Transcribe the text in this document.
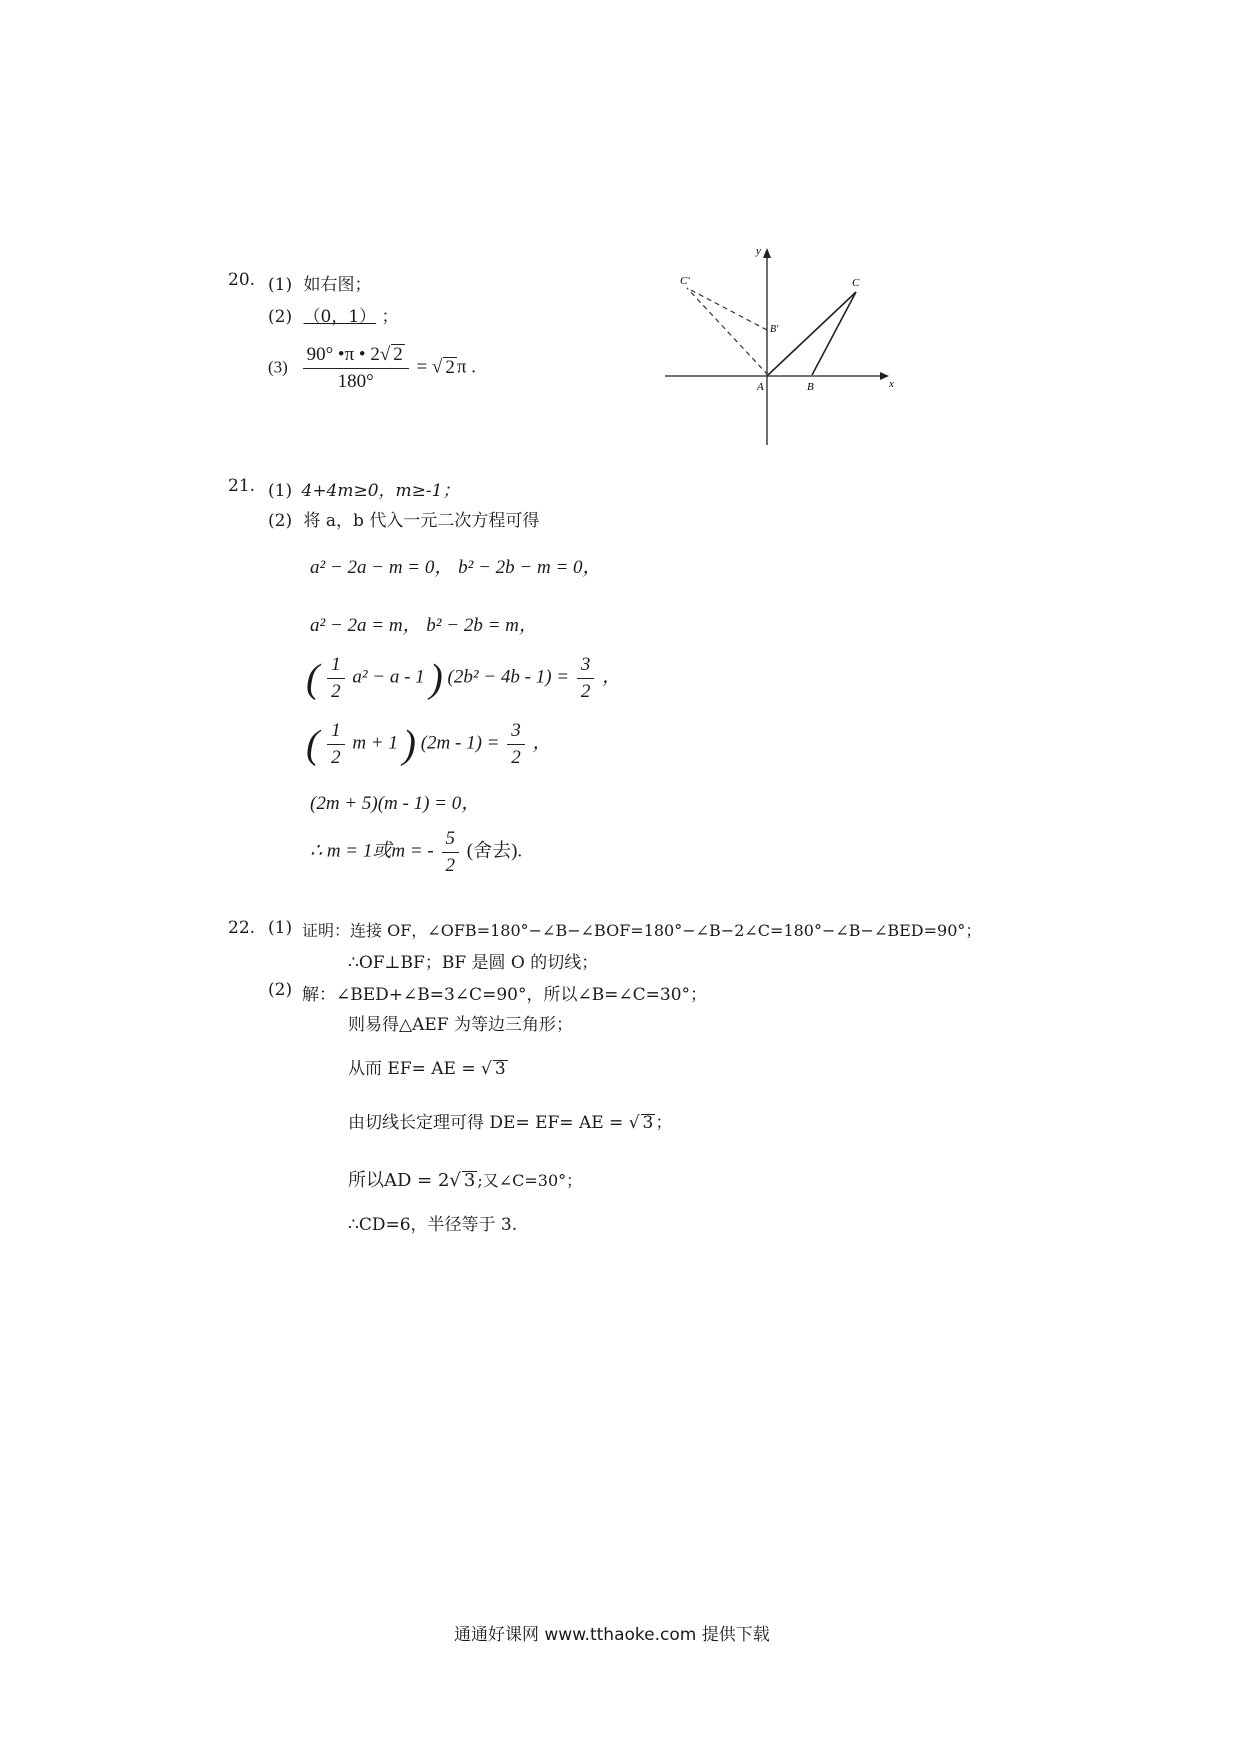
20. (1) 如右图；
(2) （0，1） ；
$(3) \frac{90^\circ •\pi • 2√ 2}{180^\circ}$ = √ 2 π .
x
y
A	B
C
C'
B'
21. (1) 4+4m≥0，m≥-1；
(2) 将 a，b 代入一元二次方程可得
a² − 2a − m = 0， b² − 2b − m = 0，
a² − 2a = m， b² − 2b = m，
( $\frac{1}{2} a^2 - a - 1$ ) $(2b^2 - 4b - 1) = \frac{3}{2}$ ，
( $\frac{1}{2}$ m + 1 ) $(2m - 1) = \frac{3}{2}$ ，
(2m + 5)(m - 1) = 0，
∴ m = 1或m = - $\frac{5}{2}$ (舍去).
22. (1) 证明：连接 OF，∠OFB=180°−∠B−∠BOF=180°−∠B−2∠C=180°−∠B−∠BED=90°；
∴OF⊥BF；BF 是圆 O 的切线；
(2) 解：∠BED+∠B=3∠C=90°，所以∠B=∠C=30°；
则易得△AEF 为等边三角形；
从而 EF= AE = √ 3
由切线长定理可得 DE= EF= AE = √ 3 ；
所以AD = 2√ 3 ;又∠C=30°；
∴CD=6，半径等于 3.
通通好课网 www.tthaoke.com 提供下载
